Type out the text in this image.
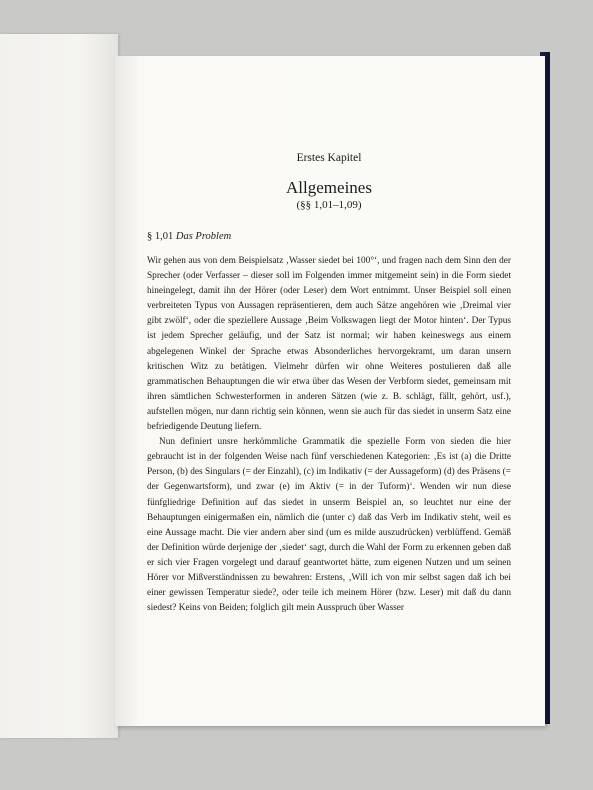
Erstes Kapitel
Allgemeines
(§§ 1,01–1,09)
§ 1,01 Das Problem

Wir gehen aus von dem Beispielsatz ‚Wasser siedet bei 100°‘, und fragen nach dem Sinn den der Sprecher (oder Verfasser – dieser soll im Folgenden immer mitgemeint sein) in die Form siedet hineingelegt, damit ihn der Hörer (oder Leser) dem Wort entnimmt. Unser Beispiel soll einen verbreiteten Typus von Aussagen repräsentieren, dem auch Sätze angehören wie ‚Dreimal vier gibt zwölf‘, oder die speziellere Aussage ‚Beim Volkswagen liegt der Motor hinten‘. Der Typus ist jedem Sprecher geläufig, und der Satz ist normal; wir haben keineswegs aus einem abgelegenen Winkel der Sprache etwas Absonderliches hervorgekramt, um daran unsern kritischen Witz zu betätigen. Vielmehr dürfen wir ohne Weiteres postulieren daß alle grammatischen Behauptungen die wir etwa über das Wesen der Verbform siedet, gemeinsam mit ihren sämtlichen Schwesterformen in anderen Sätzen (wie z. B. schlägt, fällt, gehört, usf.), aufstellen mögen, nur dann richtig sein können, wenn sie auch für das siedet in unserm Satz eine befriedigende Deutung liefern.

Nun definiert unsre herkömmliche Grammatik die spezielle Form von sieden die hier gebraucht ist in der folgenden Weise nach fünf verschiedenen Kategorien: ‚Es ist (a) die Dritte Person, (b) des Singulars (= der Einzahl), (c) im Indikativ (= der Aussageform) (d) des Präsens (= der Gegenwartsform), und zwar (e) im Aktiv (= in der Tuform)‘. Wenden wir nun diese fünfgliedrige Definition auf das siedet in unserm Beispiel an, so leuchtet nur eine der Behauptungen einigermaßen ein, nämlich die (unter c) daß das Verb im Indikativ steht, weil es eine Aussage macht. Die vier andern aber sind (um es milde auszudrücken) verblüffend. Gemäß der Definition würde derjenige der ‚siedet‘ sagt, durch die Wahl der Form zu erkennen geben daß er sich vier Fragen vorgelegt und darauf geantwortet hätte, zum eigenen Nutzen und um seinen Hörer vor Mißverständnissen zu bewahren: Erstens, ‚Will ich von mir selbst sagen daß ich bei einer gewissen Temperatur siede?, oder teile ich meinem Hörer (bzw. Leser) mit daß du dann siedest? Keins von Beiden; folglich gilt mein Ausspruch über Wasser
